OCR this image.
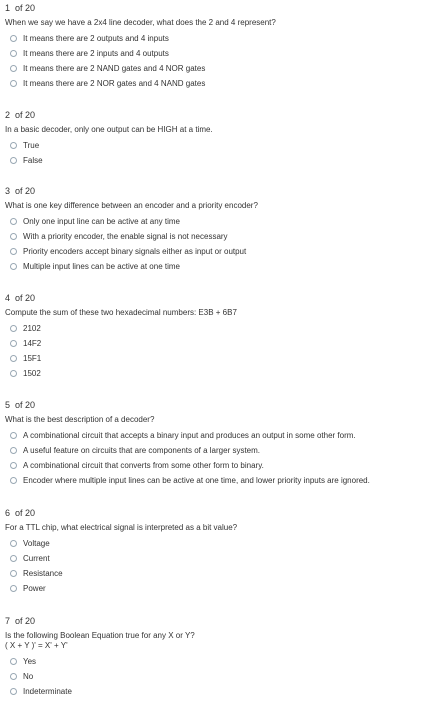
1 of 20
When we say we have a 2x4 line decoder, what does the 2 and 4 represent?
It means there are 2 outputs and 4 inputs
It means there are 2 inputs and 4 outputs
It means there are 2 NAND gates and 4 NOR gates
It means there are 2 NOR gates and 4 NAND gates
2 of 20
In a basic decoder, only one output can be HIGH at a time.
True
False
3 of 20
What is one key difference between an encoder and a priority encoder?
Only one input line can be active at any time
With a priority encoder, the enable signal is not necessary
Priority encoders accept binary signals either as input or output
Multiple input lines can be active at one time
4 of 20
Compute the sum of these two hexadecimal numbers: E3B + 6B7
2102
14F2
15F1
1502
5 of 20
What is the best description of a decoder?
A combinational circuit that accepts a binary input and produces an output in some other form.
A useful feature on circuits that are components of a larger system.
A combinational circuit that converts from some other form to binary.
Encoder where multiple input lines can be active at one time, and lower priority inputs are ignored.
6 of 20
For a TTL chip, what electrical signal is interpreted as a bit value?
Voltage
Current
Resistance
Power
7 of 20
Is the following Boolean Equation true for any X or Y?
( X + Y )' = X' + Y'
Yes
No
Indeterminate
